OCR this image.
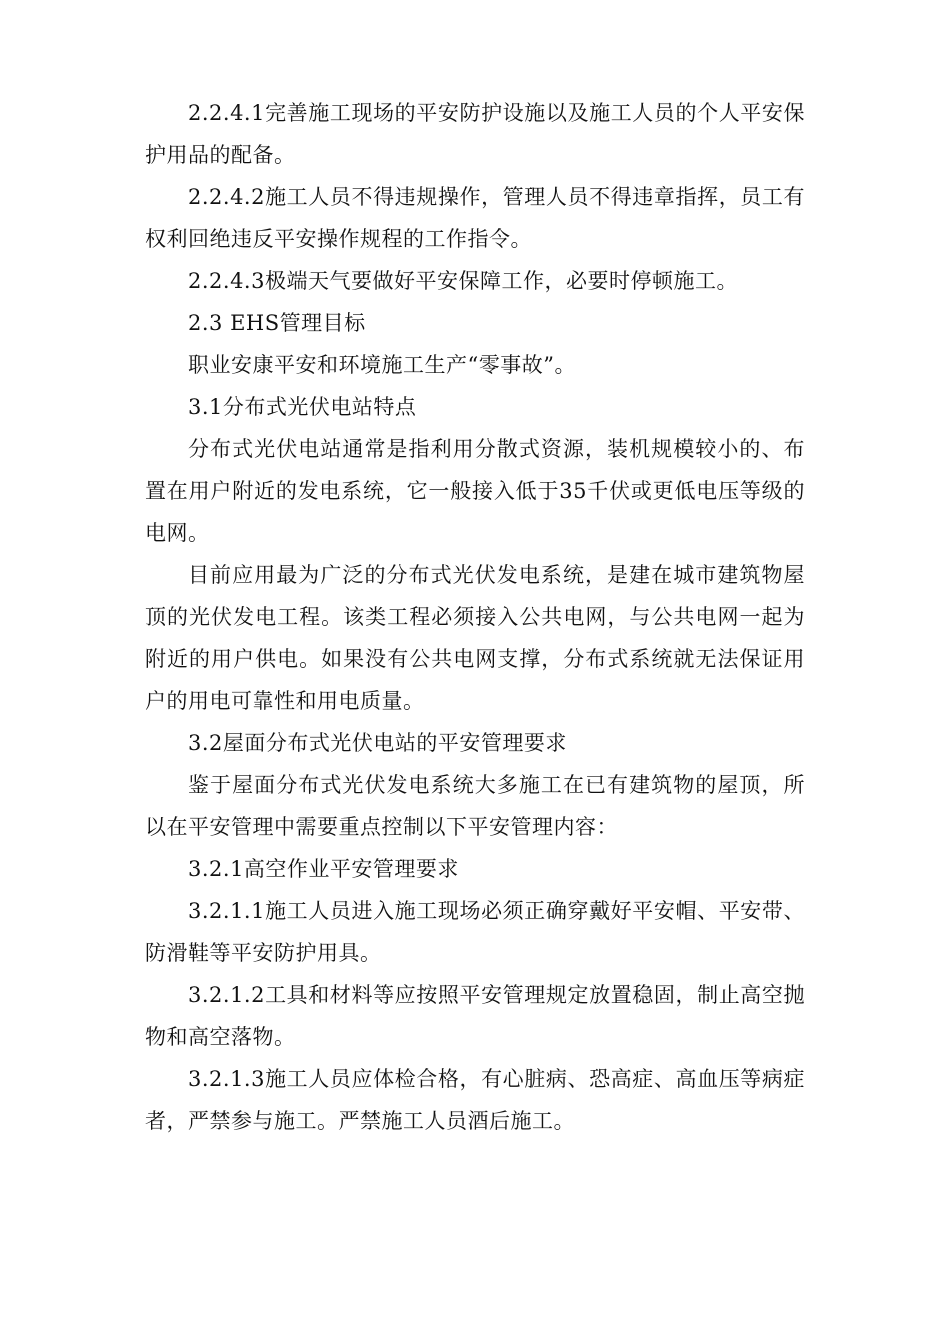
2.2.4.1完善施工现场的平安防护设施以及施工人员的个人平安保护用品的配备。

2.2.4.2施工人员不得违规操作，管理人员不得违章指挥，员工有权利回绝违反平安操作规程的工作指令。

2.2.4.3极端天气要做好平安保障工作，必要时停顿施工。

2.3 EHS管理目标

职业安康平安和环境施工生产“零事故”。

3.1分布式光伏电站特点

分布式光伏电站通常是指利用分散式资源，装机规模较小的、布置在用户附近的发电系统，它一般接入低于35千伏或更低电压等级的电网。

目前应用最为广泛的分布式光伏发电系统，是建在城市建筑物屋顶的光伏发电工程。该类工程必须接入公共电网，与公共电网一起为附近的用户供电。如果没有公共电网支撑，分布式系统就无法保证用户的用电可靠性和用电质量。

3.2屋面分布式光伏电站的平安管理要求

鉴于屋面分布式光伏发电系统大多施工在已有建筑物的屋顶，所以在平安管理中需要重点控制以下平安管理内容：

3.2.1高空作业平安管理要求

3.2.1.1施工人员进入施工现场必须正确穿戴好平安帽、平安带、防滑鞋等平安防护用具。

3.2.1.2工具和材料等应按照平安管理规定放置稳固，制止高空抛物和高空落物。

3.2.1.3施工人员应体检合格，有心脏病、恐高症、高血压等病症者，严禁参与施工。严禁施工人员酒后施工。
